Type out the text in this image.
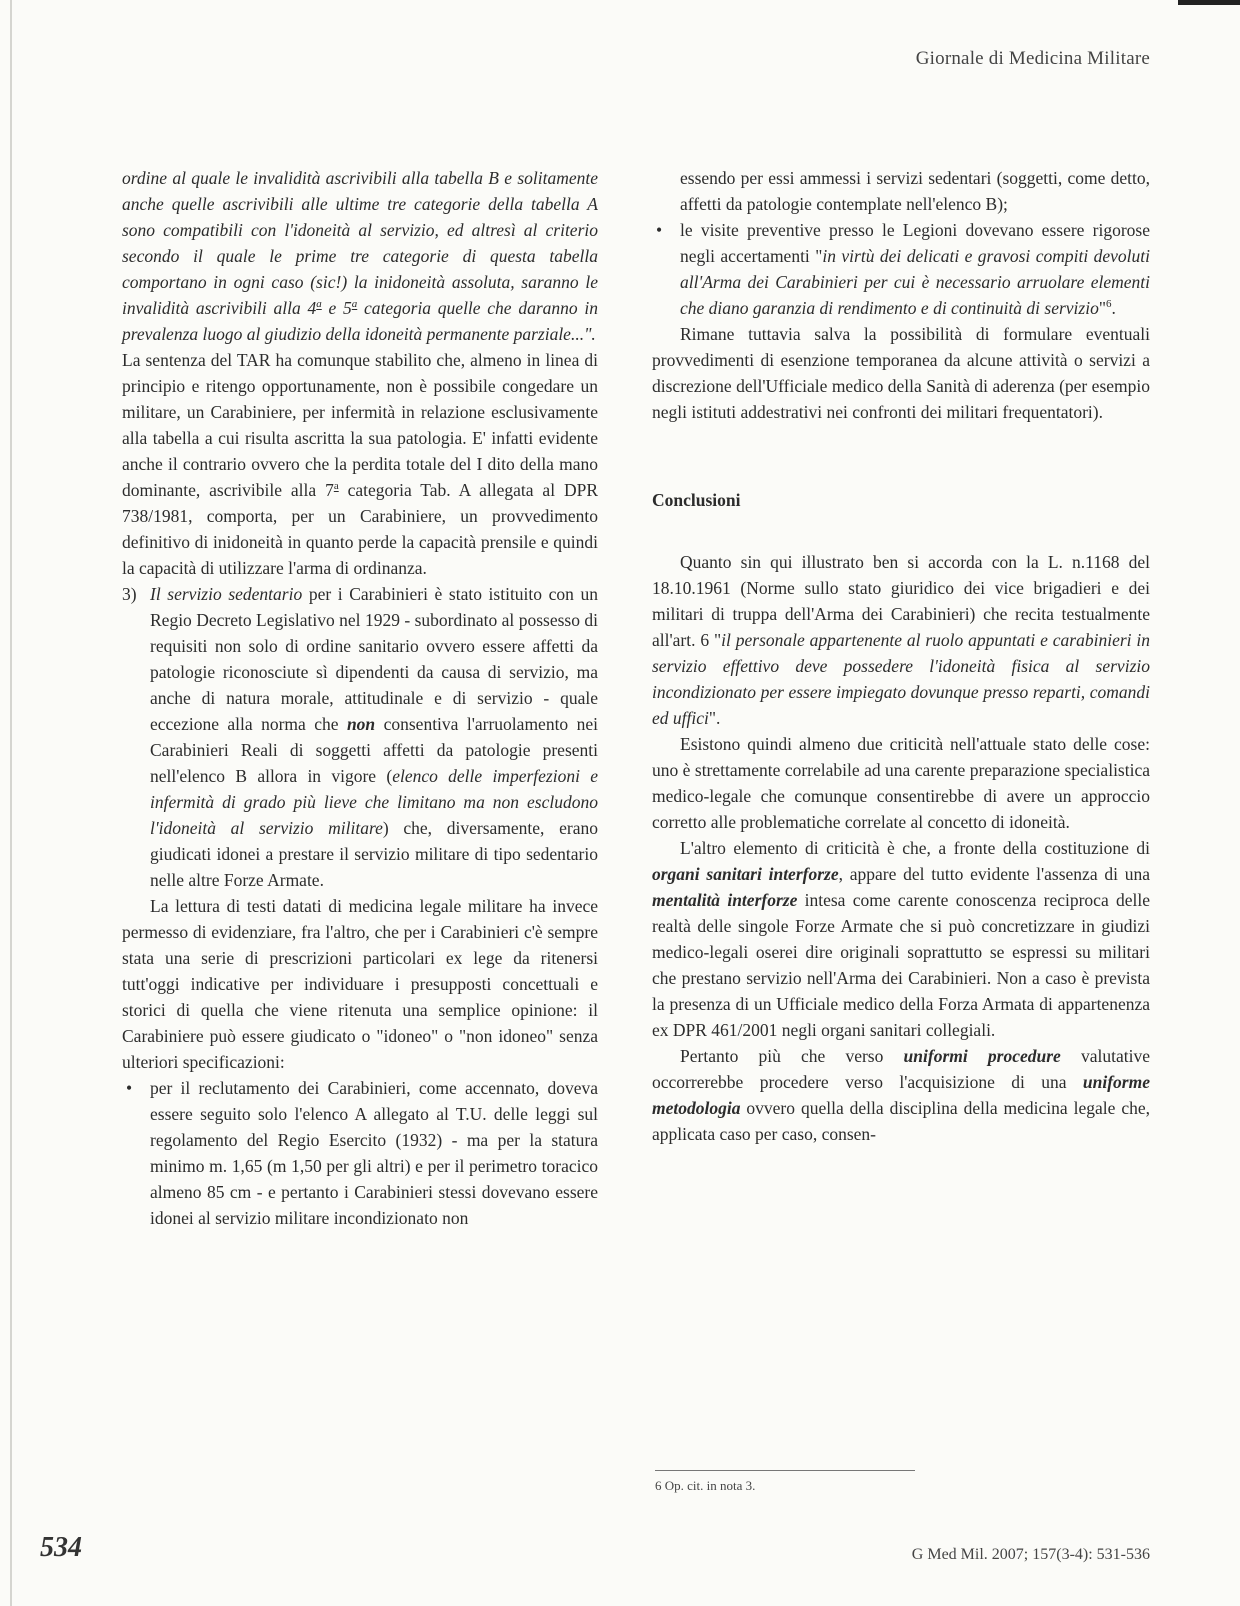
Giornale di Medicina Militare

ordine al quale le invalidità ascrivibili alla tabella B e solitamente anche quelle ascrivibili alle ultime tre categorie della tabella A sono compatibili con l'idoneità al servizio, ed altresì al criterio secondo il quale le prime tre categorie di questa tabella comportano in ogni caso (sic!) la inidoneità assoluta, saranno le invalidità ascrivibili alla 4$^a$ e 5$^a$ categoria quelle che daranno in prevalenza luogo al giudizio della idoneità permanente parziale...".

La sentenza del TAR ha comunque stabilito che, almeno in linea di principio e ritengo opportunamente, non è possibile congedare un militare, un Carabiniere, per infermità in relazione esclusivamente alla tabella a cui risulta ascritta la sua patologia. E' infatti evidente anche il contrario ovvero che la perdita totale del I dito della mano dominante, ascrivibile alla 7$^a$ categoria Tab. A allegata al DPR 738/1981, comporta, per un Carabiniere, un provvedimento definitivo di inidoneità in quanto perde la capacità prensile e quindi la capacità di utilizzare l'arma di ordinanza.

3) Il servizio sedentario per i Carabinieri è stato istituito con un Regio Decreto Legislativo nel 1929 - subordinato al possesso di requisiti non solo di ordine sanitario ovvero essere affetti da patologie riconosciute sì dipendenti da causa di servizio, ma anche di natura morale, attitudinale e di servizio - quale eccezione alla norma che non consentiva l'arruolamento nei Carabinieri Reali di soggetti affetti da patologie presenti nell'elenco B allora in vigore (elenco delle imperfezioni e infermità di grado più lieve che limitano ma non escludono l'idoneità al servizio militare) che, diversamente, erano giudicati idonei a prestare il servizio militare di tipo sedentario nelle altre Forze Armate.

La lettura di testi datati di medicina legale militare ha invece permesso di evidenziare, fra l'altro, che per i Carabinieri c'è sempre stata una serie di prescrizioni particolari ex lege da ritenersi tutt'oggi indicative per individuare i presupposti concettuali e storici di quella che viene ritenuta una semplice opinione: il Carabiniere può essere giudicato o "idoneo" o "non idoneo" senza ulteriori specificazioni:

• per il reclutamento dei Carabinieri, come accennato, doveva essere seguito solo l'elenco A allegato al T.U. delle leggi sul regolamento del Regio Esercito (1932) - ma per la statura minimo m. 1,65 (m 1,50 per gli altri) e per il perimetro toracico almeno 85 cm - e pertanto i Carabinieri stessi dovevano essere idonei al servizio militare incondizionato non

essendo per essi ammessi i servizi sedentari (soggetti, come detto, affetti da patologie contemplate nell'elenco B);

• le visite preventive presso le Legioni dovevano essere rigorose negli accertamenti "in virtù dei delicati e gravosi compiti devoluti all'Arma dei Carabinieri per cui è necessario arruolare elementi che diano garanzia di rendimento e di continuità di servizio"$^6$.

Rimane tuttavia salva la possibilità di formulare eventuali provvedimenti di esenzione temporanea da alcune attività o servizi a discrezione dell'Ufficiale medico della Sanità di aderenza (per esempio negli istituti addestrativi nei confronti dei militari frequentatori).

Conclusioni

Quanto sin qui illustrato ben si accorda con la L. n.1168 del 18.10.1961 (Norme sullo stato giuridico dei vice brigadieri e dei militari di truppa dell'Arma dei Carabinieri) che recita testualmente all'art. 6 "il personale appartenente al ruolo appuntati e carabinieri in servizio effettivo deve possedere l'idoneità fisica al servizio incondizionato per essere impiegato dovunque presso reparti, comandi ed uffici".

Esistono quindi almeno due criticità nell'attuale stato delle cose: uno è strettamente correlabile ad una carente preparazione specialistica medico-legale che comunque consentirebbe di avere un approccio corretto alle problematiche correlate al concetto di idoneità.

L'altro elemento di criticità è che, a fronte della costituzione di organi sanitari interforze, appare del tutto evidente l'assenza di una mentalità interforze intesa come carente conoscenza reciproca delle realtà delle singole Forze Armate che si può concretizzare in giudizi medico-legali oserei dire originali soprattutto se espressi su militari che prestano servizio nell'Arma dei Carabinieri. Non a caso è prevista la presenza di un Ufficiale medico della Forza Armata di appartenenza ex DPR 461/2001 negli organi sanitari collegiali.

Pertanto più che verso uniformi procedure valutative occorrerebbe procedere verso l'acquisizione di una uniforme metodologia ovvero quella della disciplina della medicina legale che, applicata caso per caso, consen-

6 Op. cit. in nota 3.
534	G Med Mil. 2007; 157(3-4): 531-536
